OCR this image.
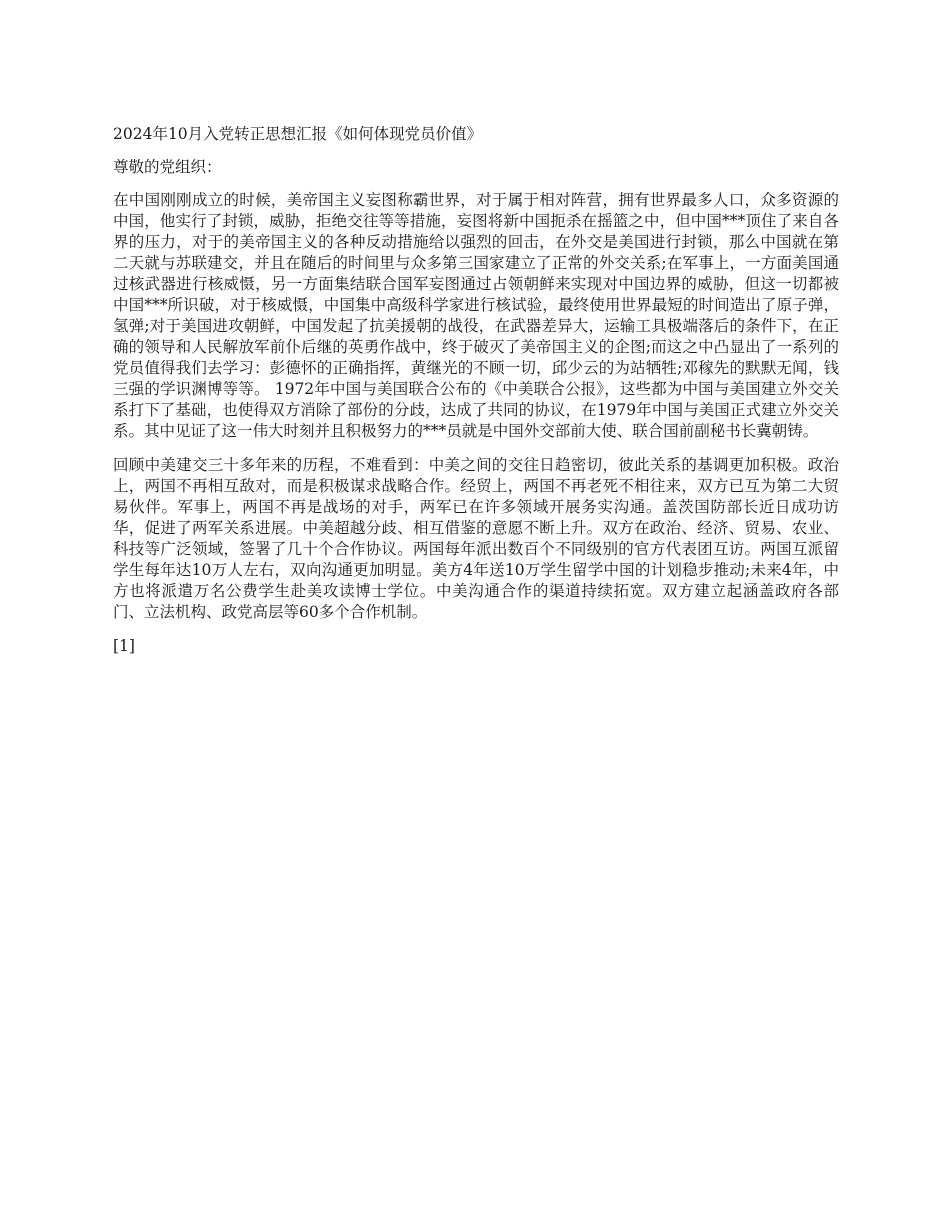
2024年10月入党转正思想汇报《如何体现党员价值》

尊敬的党组织：

在中国刚刚成立的时候，美帝国主义妄图称霸世界，对于属于相对阵营，拥有世界最多人口，众多资源的中国，他实行了封锁，威胁，拒绝交往等等措施，妄图将新中国扼杀在摇篮之中，但中国***顶住了来自各界的压力，对于的美帝国主义的各种反动措施给以强烈的回击，在外交是美国进行封锁，那么中国就在第二天就与苏联建交，并且在随后的时间里与众多第三国家建立了正常的外交关系;在军事上，一方面美国通过核武器进行核威慑，另一方面集结联合国军妄图通过占领朝鲜来实现对中国边界的威胁，但这一切都被中国***所识破，对于核威慑，中国集中高级科学家进行核试验，最终使用世界最短的时间造出了原子弹，氢弹;对于美国进攻朝鲜，中国发起了抗美援朝的战役，在武器差异大，运输工具极端落后的条件下，在正确的领导和人民解放军前仆后继的英勇作战中，终于破灭了美帝国主义的企图;而这之中凸显出了一系列的党员值得我们去学习：彭德怀的正确指挥，黄继光的不顾一切，邱少云的为站牺牲;邓稼先的默默无闻，钱三强的学识渊博等等。 1972年中国与美国联合公布的《中美联合公报》，这些都为中国与美国建立外交关系打下了基础，也使得双方消除了部份的分歧，达成了共同的协议，在1979年中国与美国正式建立外交关系。其中见证了这一伟大时刻并且积极努力的***员就是中国外交部前大使、联合国前副秘书长冀朝铸。

回顾中美建交三十多年来的历程，不难看到：中美之间的交往日趋密切，彼此关系的基调更加积极。政治上，两国不再相互敌对，而是积极谋求战略合作。经贸上，两国不再老死不相往来，双方已互为第二大贸易伙伴。军事上，两国不再是战场的对手，两军已在许多领域开展务实沟通。盖茨国防部长近日成功访华，促进了两军关系进展。中美超越分歧、相互借鉴的意愿不断上升。双方在政治、经济、贸易、农业、科技等广泛领域，签署了几十个合作协议。两国每年派出数百个不同级别的官方代表团互访。两国互派留学生每年达10万人左右，双向沟通更加明显。美方4年送10万学生留学中国的计划稳步推动;未来4年，中方也将派遣万名公费学生赴美攻读博士学位。中美沟通合作的渠道持续拓宽。双方建立起涵盖政府各部门、立法机构、政党高层等60多个合作机制。

[1]
